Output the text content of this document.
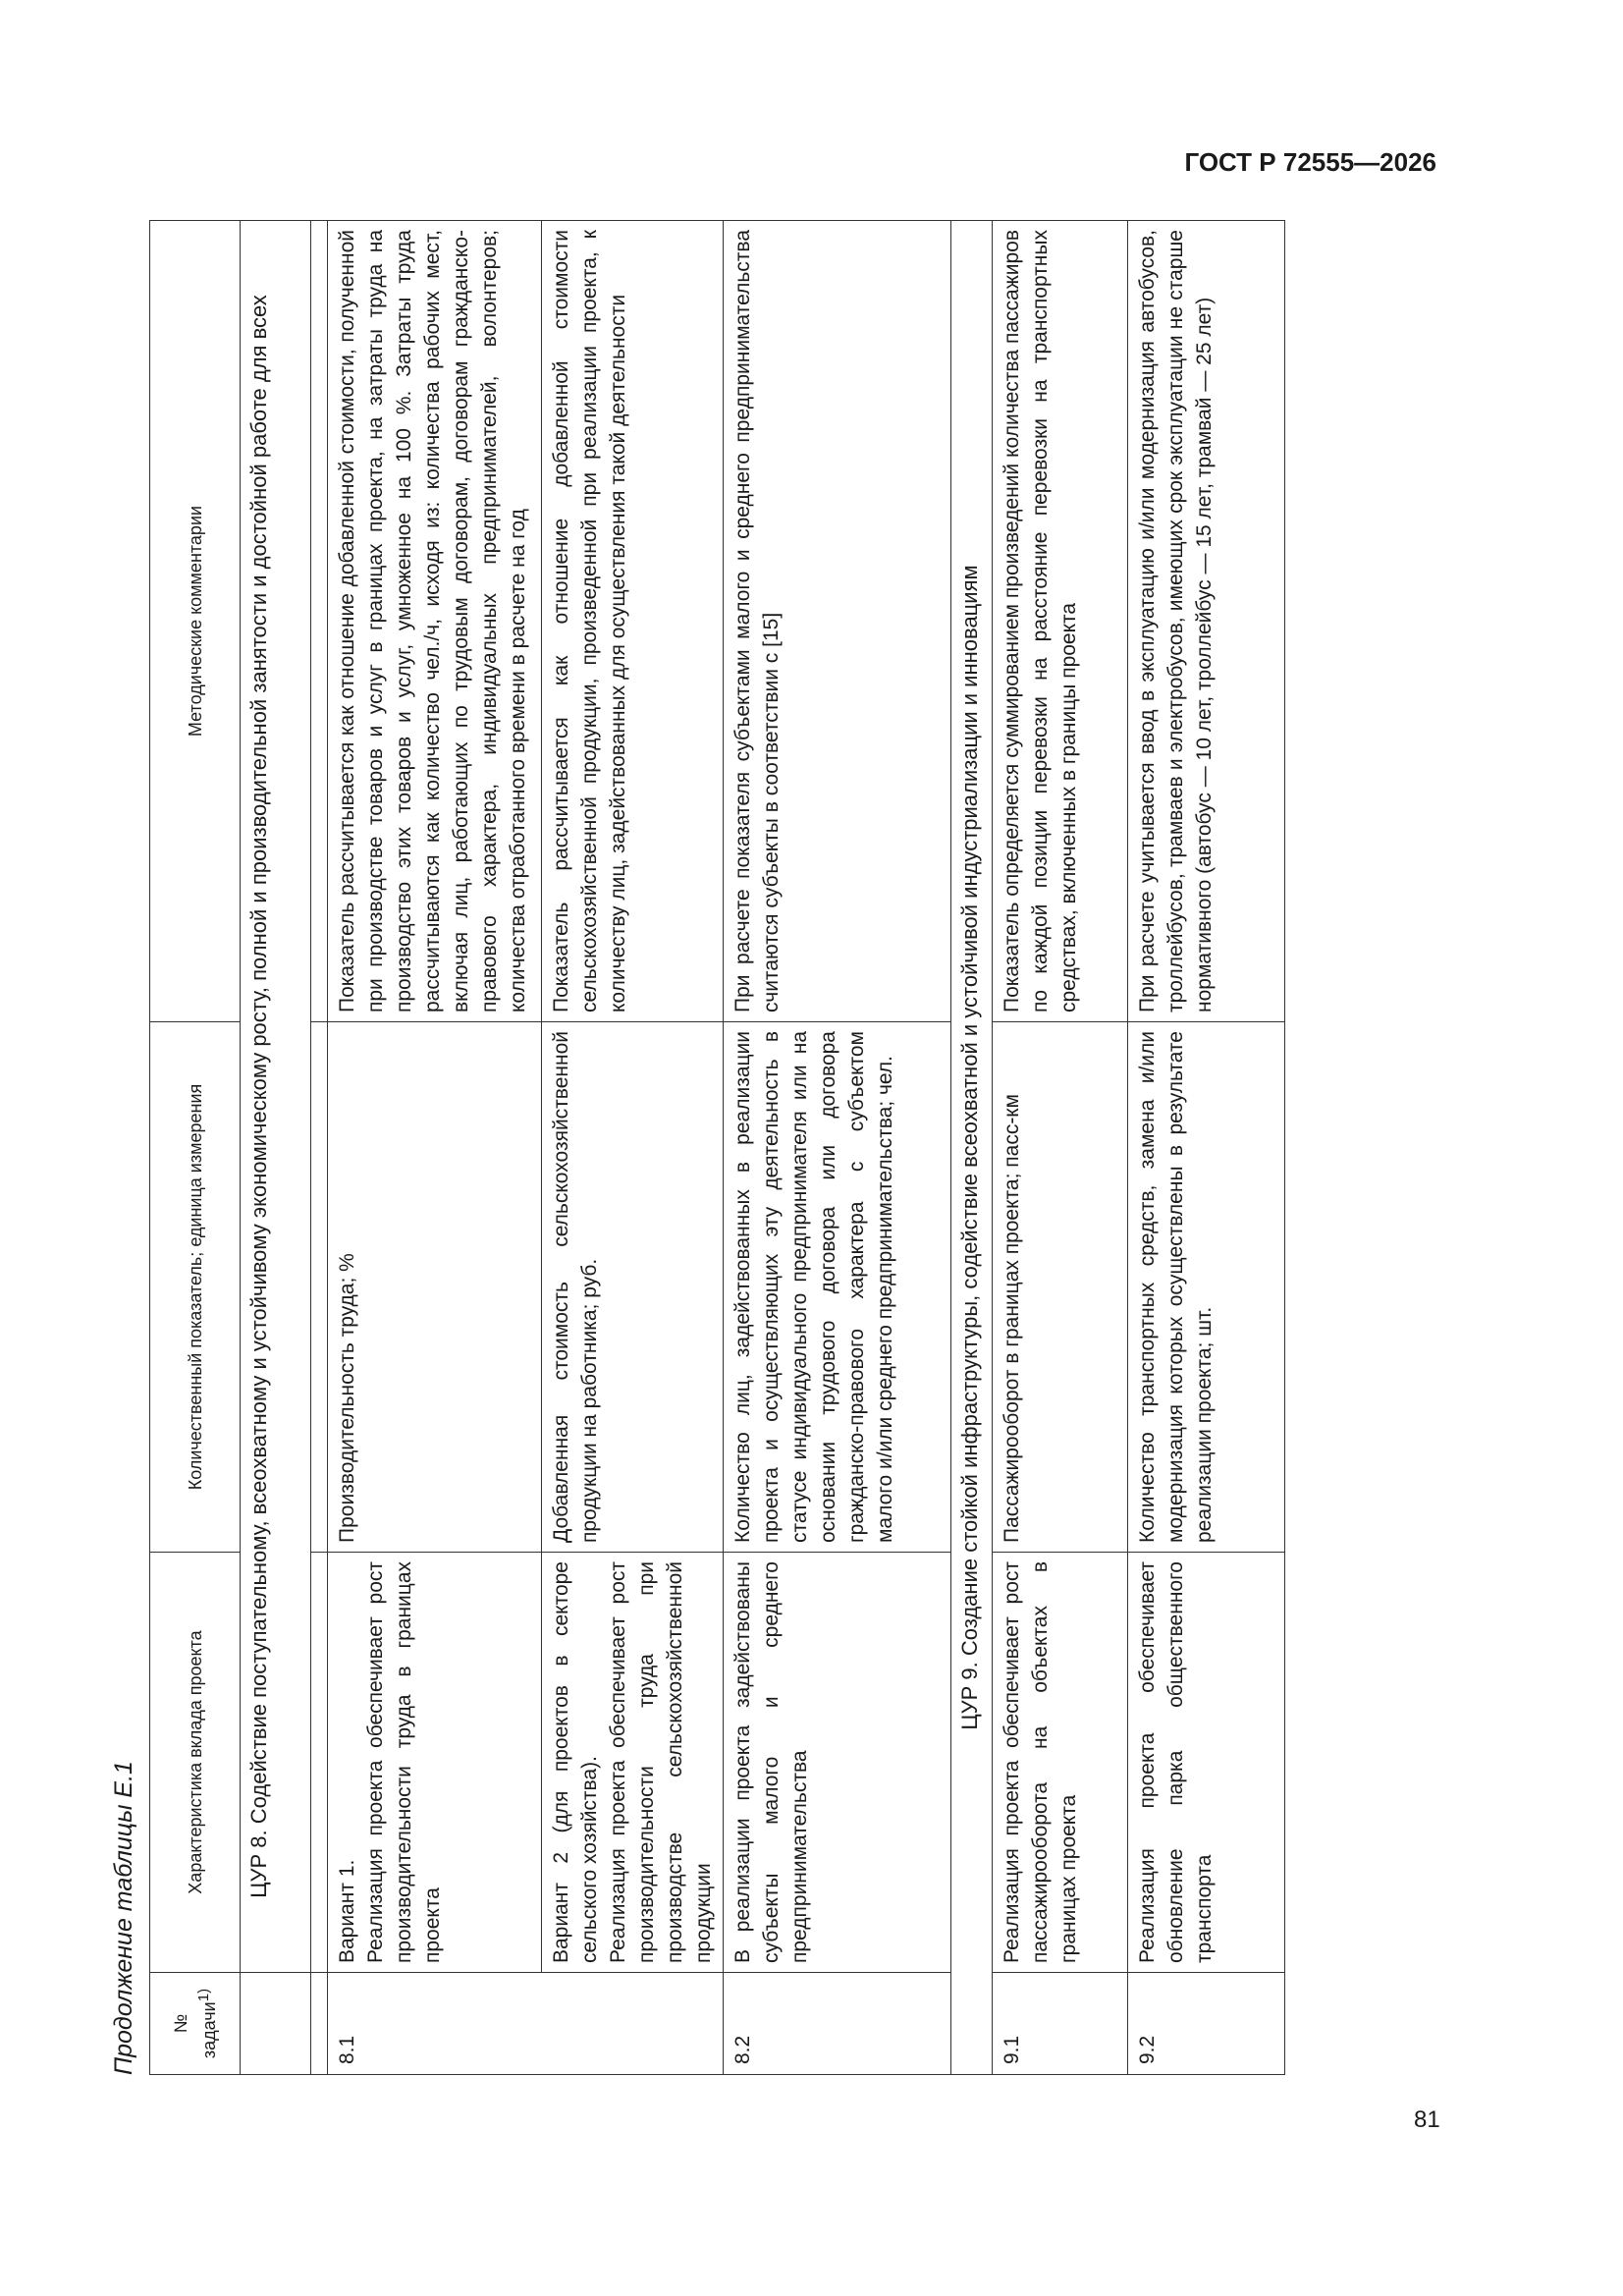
ГОСТ Р 72555—2026
Продолжение таблицы Е.1	№ задачи$^{1)}$	Характеристика вклада проекта	Количественный показатель; единица измерения	Методические комментарии
	ЦУР 8. Содействие поступательному, всеохватному и устойчивому экономическому росту, полной и производительной занятости и достойной работе для всех		

8.1	Вариант 1. Реализация проекта обеспечивает рост производительности труда в границах проекта	Производительность труда; %	Показатель рассчитывается как отношение добавленной стоимости, полученной при производстве товаров и услуг в границах проекта, на затраты труда на производство этих товаров и услуг, умноженное на 100 %. Затраты труда рассчитываются как количество чел./ч, исходя из: количества рабочих мест, включая лиц, работающих по трудовым договорам, договорам гражданско-правового характера, индивидуальных предпринимателей, волонтеров; количества отработанного времени в расчете на год

	Вариант 2 (для проектов в секторе сельского хозяйства). Реализация проекта обеспечивает рост производительности труда при производстве сельскохозяйственной продукции	Добавленная стоимость сельскохозяйственной продукции на работника; руб.	Показатель рассчитывается как отношение добавленной стоимости сельскохозяйственной продукции, произведенной при реализации проекта, к количеству лиц, задействованных для осуществления такой деятельности
8.2	В реализации проекта задействованы субъекты малого и среднего предпринимательства	Количество лиц, задействованных в реализации проекта и осуществляющих эту деятельность в статусе индивидуального предпринимателя или на основании трудового договора или договора гражданско-правового характера с субъектом малого и/или среднего предпринимательства; чел.	При расчете показателя субъектами малого и среднего предпринимательства считаются субъекты в соответствии с [15]
ЦУР 9. Создание стойкой инфраструктуры, содействие всеохватной и устойчивой индустриализации и инновациям			
9.1	Реализация проекта обеспечивает рост пассажирооборота на объектах в границах проекта	Пассажирооборот в границах проекта; пасс-км	Показатель определяется суммированием произведений количества пассажиров по каждой позиции перевозки на расстояние перевозки на транспортных средствах, включенных в границы проекта
9.2	Реализация проекта обеспечивает обновление парка общественного транспорта	Количество транспортных средств, замена и/или модернизация которых осуществлены в результате реализации проекта; шт.	При расчете учитывается ввод в эксплуатацию и/или модернизация автобусов, троллейбусов, трамваев и электробусов, имеющих срок эксплуатации не старше нормативного (автобус — 10 лет, троллейбус — 15 лет, трамвай — 25 лет)
81
